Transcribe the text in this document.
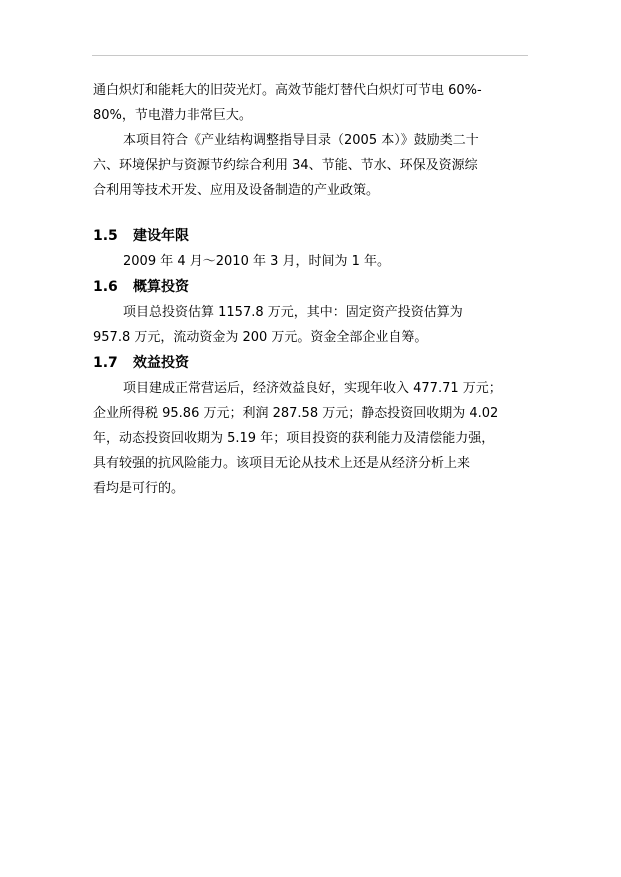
通白炽灯和能耗大的旧荧光灯。高效节能灯替代白炽灯可节电 60%-

80%，节电潜力非常巨大。

本项目符合《产业结构调整指导目录（2005 本）》鼓励类二十

六、环境保护与资源节约综合利用 34、节能、节水、环保及资源综

合利用等技术开发、应用及设备制造的产业政策。

1.5 建设年限

2009 年 4 月～2010 年 3 月，时间为 1 年。

1.6 概算投资

项目总投资估算 1157.8 万元，其中：固定资产投资估算为

957.8 万元，流动资金为 200 万元。资金全部企业自筹。

1.7 效益投资

项目建成正常营运后，经济效益良好，实现年收入 477.71 万元；

企业所得税 95.86 万元；利润 287.58 万元；静态投资回收期为 4.02

年，动态投资回收期为 5.19 年；项目投资的获利能力及清偿能力强，

具有较强的抗风险能力。该项目无论从技术上还是从经济分析上来

看均是可行的。
